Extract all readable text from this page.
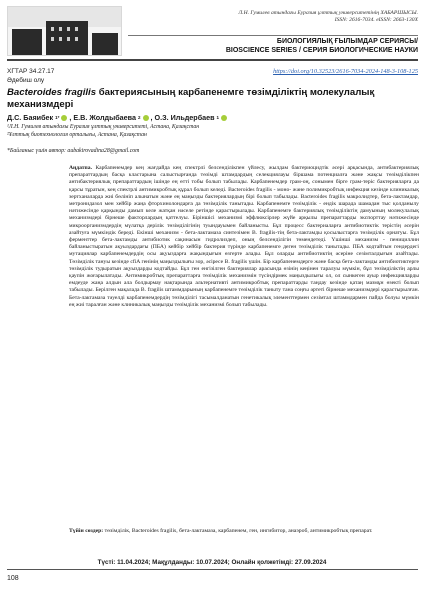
Л.Н. Гумилев атындағы Еуразия ұлттық университетінің ХАБАРШЫСЫ.
ISSN: 2616-7034. eISSN: 2663-130X
БИОЛОГИЯЛЫҚ ҒЫЛЫМДАР СЕРИЯСЫ/
BIOSCIENCE SERIES / СЕРИЯ БИОЛОГИЧЕСКИЕ НАУКИ
ХГТАР 34.27.17	https://doi.org/10.32523/2616-7034-2024-148-3-108-125
Әдебиш олу
Bacteroides fragilis бактериясының карбапенемге төзімділіктің молекулалық механизмдері
Д.С. Баяибек 1* , Е.В. Жолдыбаева 2 , О.З. Ильдербаев 1
¹Л.Н. Гумилев атындағы Еуразия ұлттық университеті, Астана, Қазақстан
²Ұлттық биотехнология орталығы, Астана, Қазақстан
*Байланыс үшін автор: aubakirovadina28@gmail.com
Аңдатпа. Карбапенемдер кең жағдайда кең спектрлі белсенділікпен үйлесу, жылдам бактериоцидтік әсері арқасында, антибактериялық препараттардың басқа кластарына салыстырғанда төзімді штамдардың селекциялауы біршама потенциалға және жақсы төзімділікпен антибактериялық препараттардың ішінде ең өтті тобы болып табылады. Карбапенемдер грам-оң, сонымен бірге грам-теріс бактерияларға да қарсы тұратын, кең спектрлі антимикробтық құрал болып келеді. Bacteroides fragilis - моно- және полимикробтық инфекция кезінде клиникалық зертханаларда жиі бөлініп алынатын және ең маңызды бактериялардың бірі болып табылады. Bacteroides fragilis макролидтер, бета-лактамдар, метронидазол мен хейбір жаңа фторхинолондарға да төзімділік танытады. Карбапенемге төзімділік - ендік шарада шамадан тыс қолданылу нәтижесінде қарқынды дамып келе жатқан нәселе ретінде қарастырылады. Карбапенемге бактериялық төзімділіктің дамуының молекулалық механизмдері бірнеше факторлардың қаттелуы. Біріншісі механизмі эффлюксірлер жүйе арқылы препараттарды экспорттау нәтижесінде микроорганизмдердің мүлатқа дерілік төзімділігінің туындауымен байланысты. Бұл процесс бактериаларға антибиотиктік терістің әсерін азайтуға мүмкіндік береді. Екінші механизм - бета-лактамаза синтезімен B. fragilis-тің бета-лактамды қосылыстарға төзімділік орнатуы. Бұл ферменттер бета-лактамды антибиотик сақинасын гидролиздеп, оның белсенділігін төмендетеді. Үшінші механизм - пенициллин байланыстыратын ақуыздардағы (ПБА) кейбір хейбір бактерия түрінде карбапенемге деген төзімділік танытады. ПБА кодтайтын гендердегі мутациялар карбапенемдердің осы ақуыздарға жақындығын өзгерте алады. Бұл оларды антибиотиктің әсеріне сезімталдығын азайтады. Төзімділік тануы кезінде cfiA генінің маңыздылығы зор, әсіресе B. fragilis үшін. Бір карбапенемдерге және басқа бета-лактамды антибиотиктерге төзімділік тудыратын ақуыздарды кодтайды. Бұл ген енгізілген бактериялар арасында өзінің кеңінен таралуы мүмкін, бұл төзімділіктің арлы қаупін жоғарылатады. Антимикробтық препараттарға төзімділік механизмін түсіндірмек маңыздылығы ол, ол сынкеген ауыр инфекцияларды емдеуде жаңа алдын ала болдырмау нақтарында альтернативті антимикробтық препараттарды таңдау кезінде қатаң мазмұн өзекті болып табылады. Берілген мақалада B. fragilis штаммдарының карбапенемге төзімділік таныту тана соңғы әртеті бірнеше механизмдері қарастырылған. Бета-лактамаза тәуелді карбапенемдердің төзімділігі тасымалданатын генетикалық элементтермен сезімтал штаммдармен пайда болуы мүмкін ең жиі таралған және клиникалық маңызды төзімділік механизмі болып табылады.
Түйін сөздер: төзімділік, Bacteroides fragilis, бета-лактамаза, карбапенем, ген, ингибитор, анаэроб, антимикробтық препарат.
Түсті: 11.04.2024; Мақұлданды: 10.07.2024; Онлайн қолжетімді: 27.09.2024
108
